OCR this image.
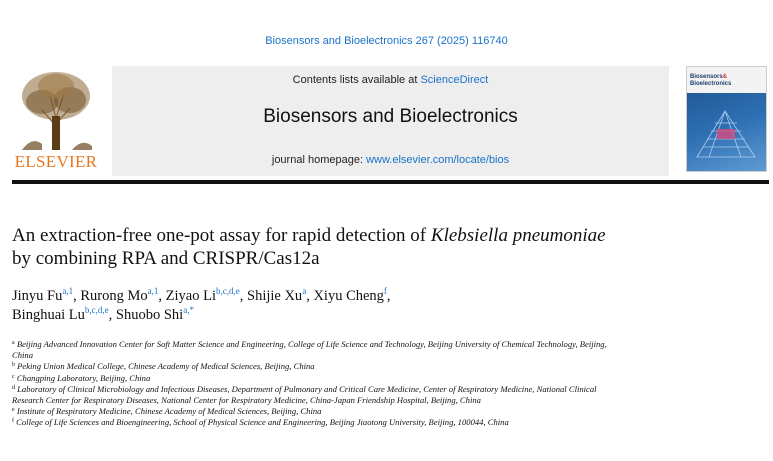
Biosensors and Bioelectronics 267 (2025) 116740
ELSEVIER
Contents lists available at ScienceDirect
Biosensors and Bioelectronics
journal homepage: www.elsevier.com/locate/bios
Biosensors&
Bioelectronics
An extraction-free one-pot assay for rapid detection of Klebsiella pneumoniae
by combining RPA and CRISPR/Cas12a
Jinyu Fu$^{a,1}$, Rurong Mo$^{a,1}$, Ziyao Li$^{b,c,d,e}$, Shijie Xu$^a$, Xiyu Cheng$^f$,
Binghuai Lu$^{b,c,d,e}$, Shuobo Shi$^{a,*}$
$^a$ Beijing Advanced Innovation Center for Soft Matter Science and Engineering, College of Life Science and Technology, Beijing University of Chemical Technology, Beijing,
China
$^b$ Peking Union Medical College, Chinese Academy of Medical Sciences, Beijing, China
$^c$ Changping Laboratory, Beijing, China
$^d$ Laboratory of Clinical Microbiology and Infectious Diseases, Department of Pulmonary and Critical Care Medicine, Center of Respiratory Medicine, National Clinical
Research Center for Respiratory Diseases, National Center for Respiratory Medicine, China-Japan Friendship Hospital, Beijing, China
$^e$ Institute of Respiratory Medicine, Chinese Academy of Medical Sciences, Beijing, China
$^f$ College of Life Sciences and Bioengineering, School of Physical Science and Engineering, Beijing Jiaotong University, Beijing, 100044, China
